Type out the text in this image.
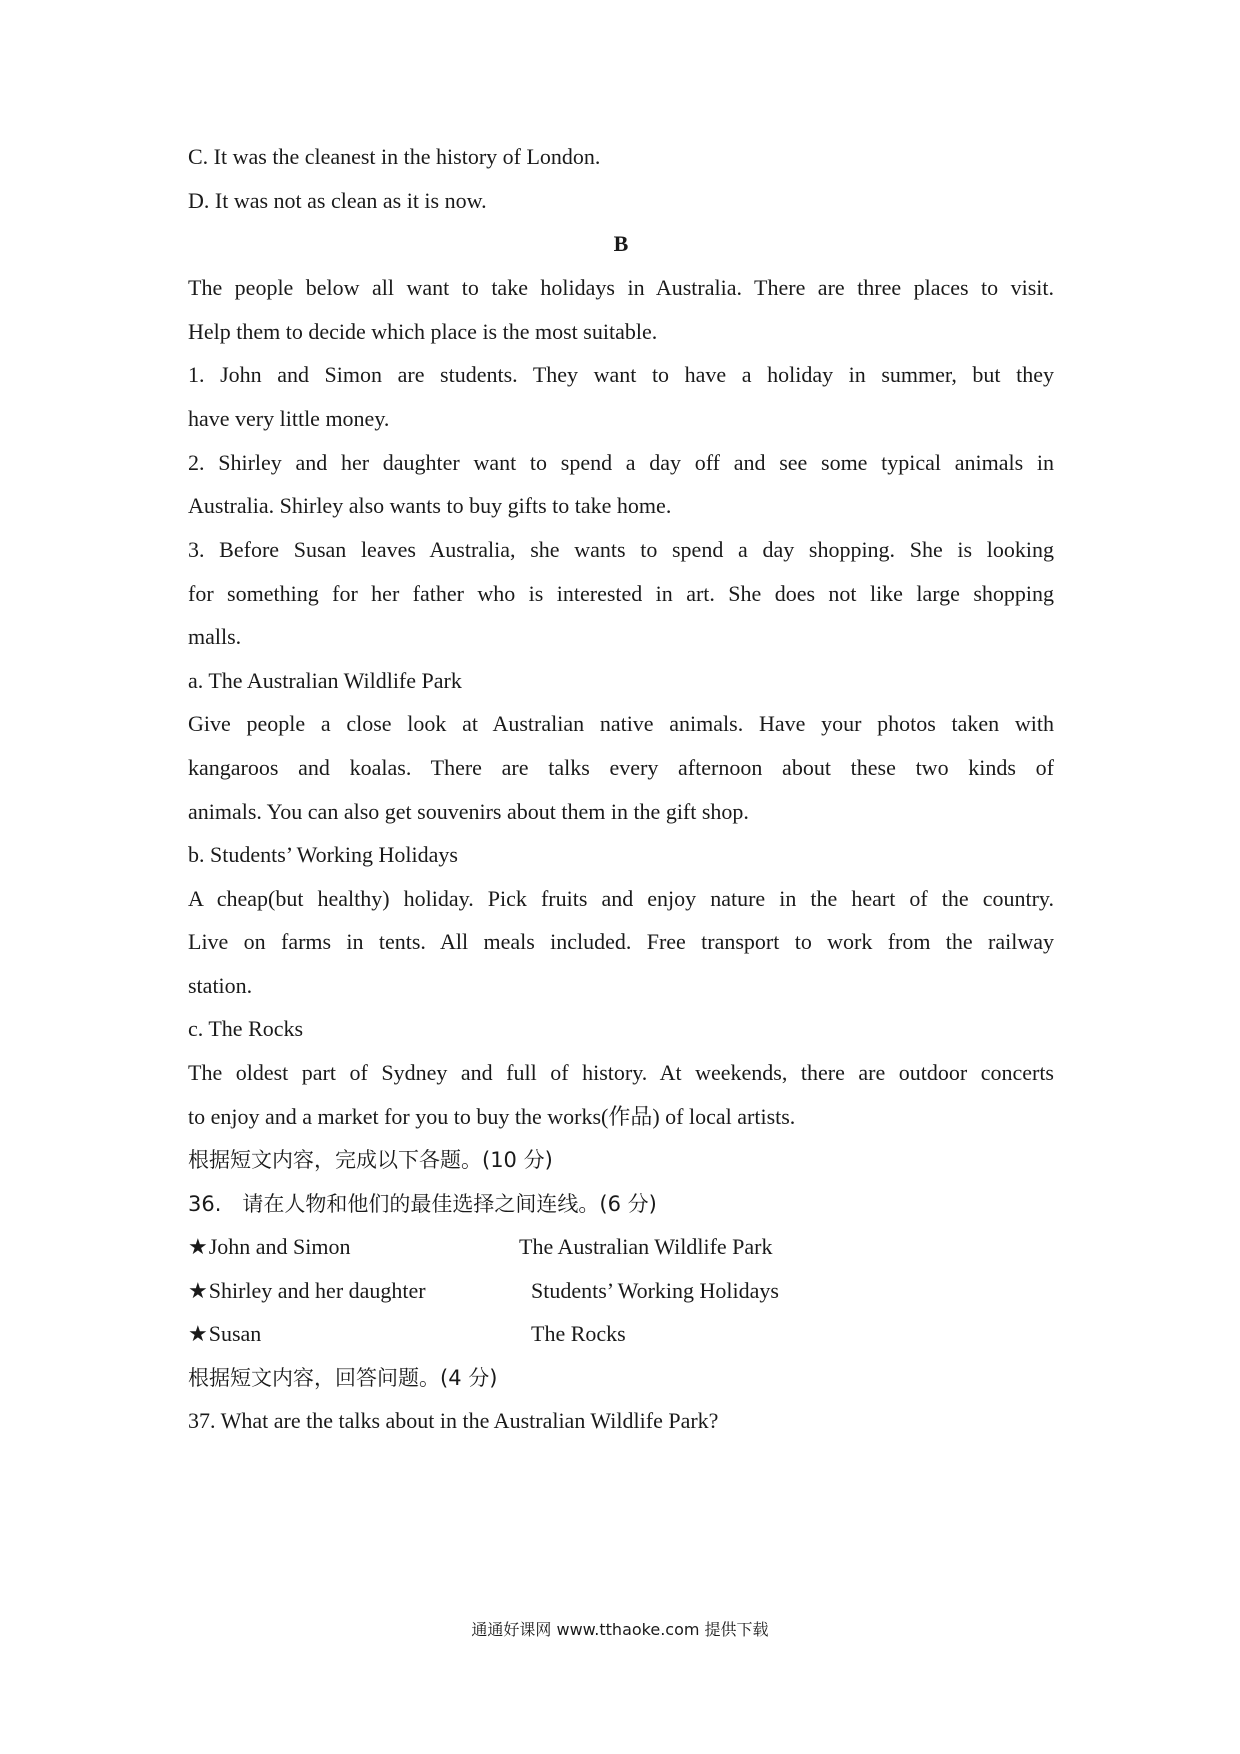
C. It was the cleanest in the history of London.
D. It was not as clean as it is now.
B
The people below all want to take holidays in Australia. There are three places to visit.
Help them to decide which place is the most suitable.
1. John and Simon are students. They want to have a holiday in summer, but they
have very little money.
2. Shirley and her daughter want to spend a day off and see some typical animals in
Australia. Shirley also wants to buy gifts to take home.
3. Before Susan leaves Australia, she wants to spend a day shopping. She is looking
for something for her father who is interested in art. She does not like large shopping
malls.
a. The Australian Wildlife Park
Give people a close look at Australian native animals. Have your photos taken with
kangaroos and koalas. There are talks every afternoon about these two kinds of
animals. You can also get souvenirs about them in the gift shop.
b. Students’ Working Holidays
A cheap(but healthy) holiday. Pick fruits and enjoy nature in the heart of the country.
Live on farms in tents. All meals included. Free transport to work from the railway
station.
c. The Rocks
The oldest part of Sydney and full of history. At weekends, there are outdoor concerts
to enjoy and a market for you to buy the works(作品) of local artists.
根据短文内容，完成以下各题。(10 分)
36.　请在人物和他们的最佳选择之间连线。(6 分)
★John and Simon	The Australian Wildlife Park
★Shirley and her daughter	Students’ Working Holidays
★Susan	The Rocks
根据短文内容，回答问题。(4 分)
37. What are the talks about in the Australian Wildlife Park?
通通好课网 www.tthaoke.com 提供下载
